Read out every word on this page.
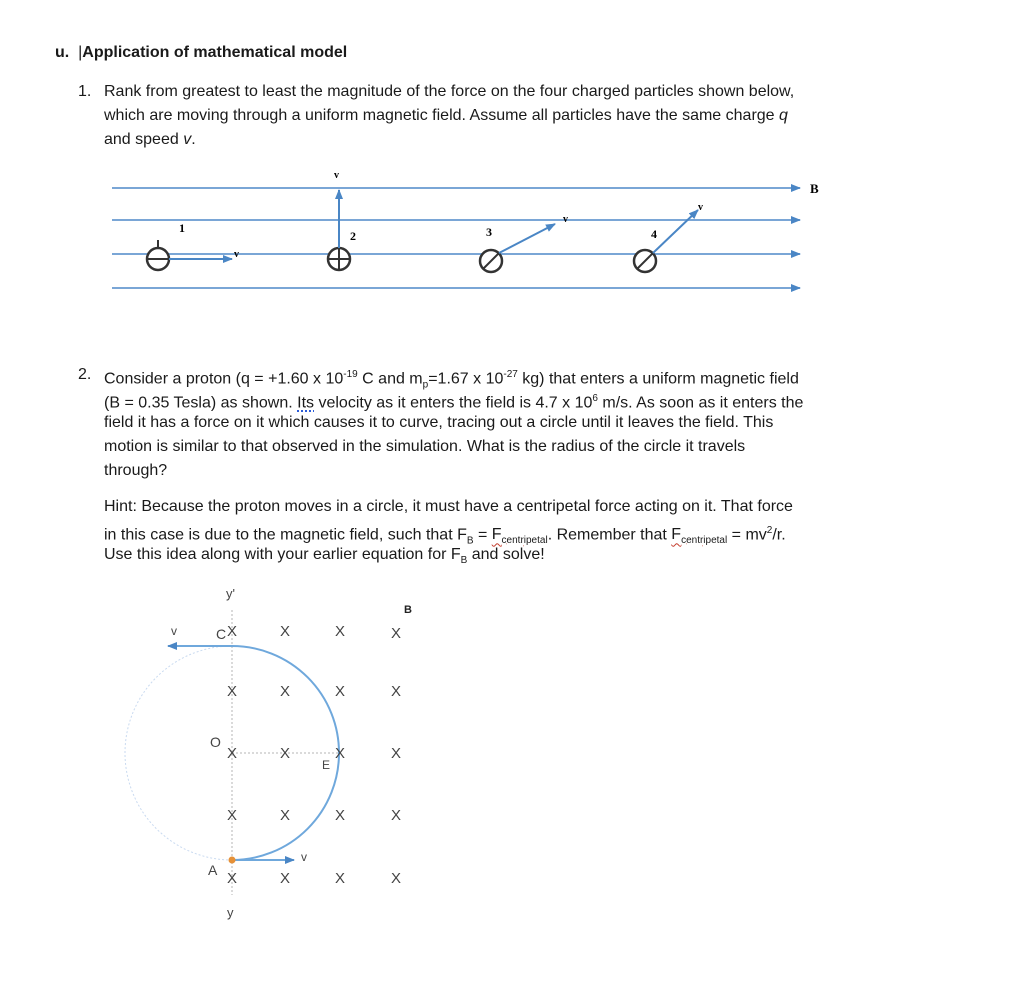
u.  |Application of mathematical model
1. Rank from greatest to least the magnitude of the force on the four charged particles shown below,
which are moving through a uniform magnetic field. Assume all particles have the same charge q
and speed v.
B
1
v
v
2
v
3
v
4
2. Consider a proton (q = +1.60 x $10^{-19}$ C and $m_p=1.67$ x $10^{-27}$ kg) that enters a uniform magnetic field
(B = 0.35 Tesla) as shown. Its velocity as it enters the field is 4.7 x $10^6$ m/s. As soon as it enters the
field it has a force on it which causes it to curve, tracing out a circle until it leaves the field. This
motion is similar to that observed in the simulation. What is the radius of the circle it travels
through?
Hint: Because the proton moves in a circle, it must have a centripetal force acting on it. That force
in this case is due to the magnetic field, such that $F_B = F_{centripetal}$. Remember that $F_{centripetal} = mv^2/r$.
Use this idea along with your earlier equation for $F_B$ and solve!
y'
y
B
C
O
E
A
v
v
X	X	X	X
X	X	X	X
X	X	X	X
X	X	X	X
X	X	X	X
